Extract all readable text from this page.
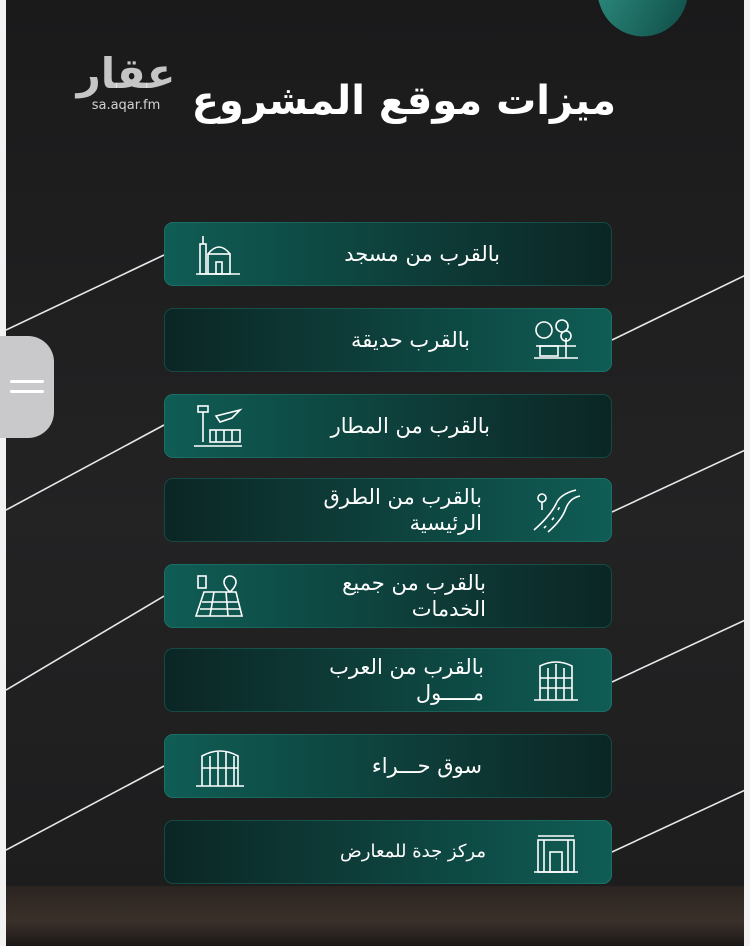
عقار
sa.aqar.fm ميزات موقع المشروع
بالقرب من مسجد
بالقرب حديقة
بالقرب من المطار
بالقرب من الطرق
الرئيسية
بالقرب من جميع
الخدمات
بالقرب من العرب
مـــــول
سوق حـــراء
مركز جدة للمعارض
